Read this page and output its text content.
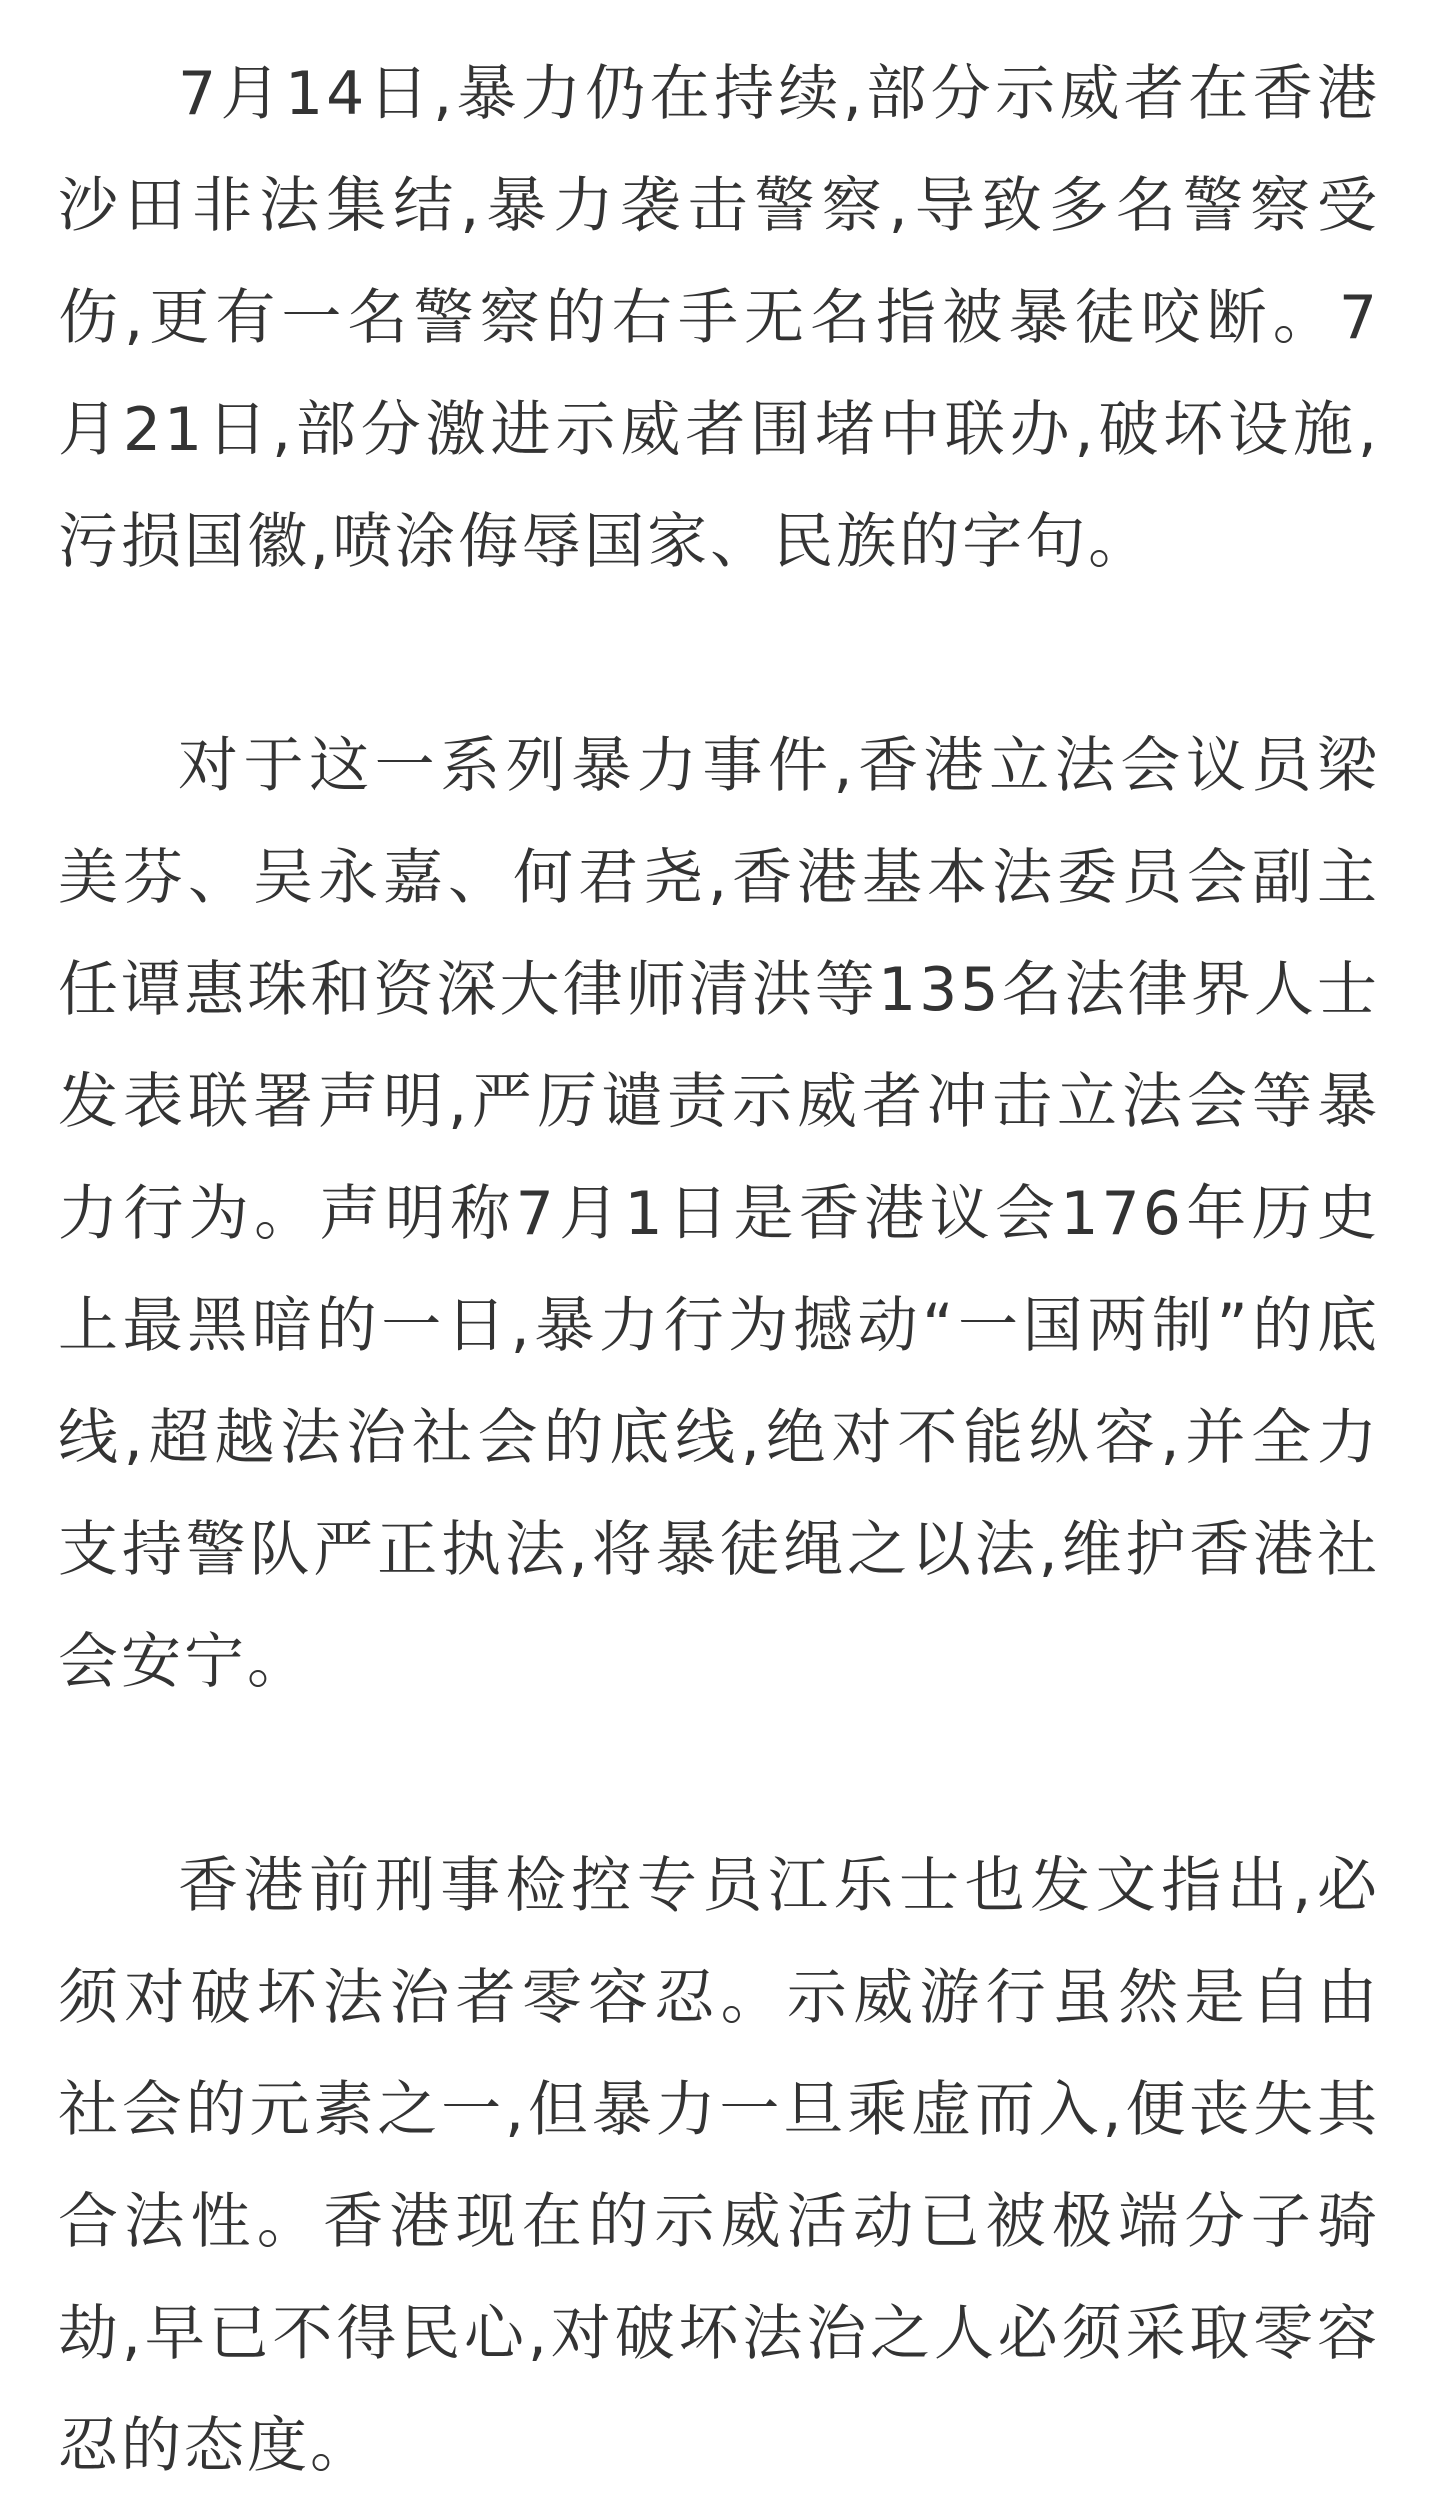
7月14日,暴力仍在持续,部分示威者在香港沙田非法集结,暴力袭击警察,导致多名警察受伤,更有一名警察的右手无名指被暴徒咬断。7月21日,部分激进示威者围堵中联办,破坏设施,污损国徽,喷涂侮辱国家、民族的字句。

对于这一系列暴力事件,香港立法会议员梁美芬、吴永嘉、何君尧,香港基本法委员会副主任谭惠珠和资深大律师清洪等135名法律界人士发表联署声明,严厉谴责示威者冲击立法会等暴力行为。声明称7月1日是香港议会176年历史上最黑暗的一日,暴力行为撼动“一国两制”的底线,超越法治社会的底线,绝对不能纵容,并全力支持警队严正执法,将暴徒绳之以法,维护香港社会安宁。

香港前刑事检控专员江乐士也发文指出,必须对破坏法治者零容忍。示威游行虽然是自由社会的元素之一,但暴力一旦乘虚而入,便丧失其合法性。香港现在的示威活动已被极端分子骑劫,早已不得民心,对破坏法治之人必须采取零容忍的态度。
